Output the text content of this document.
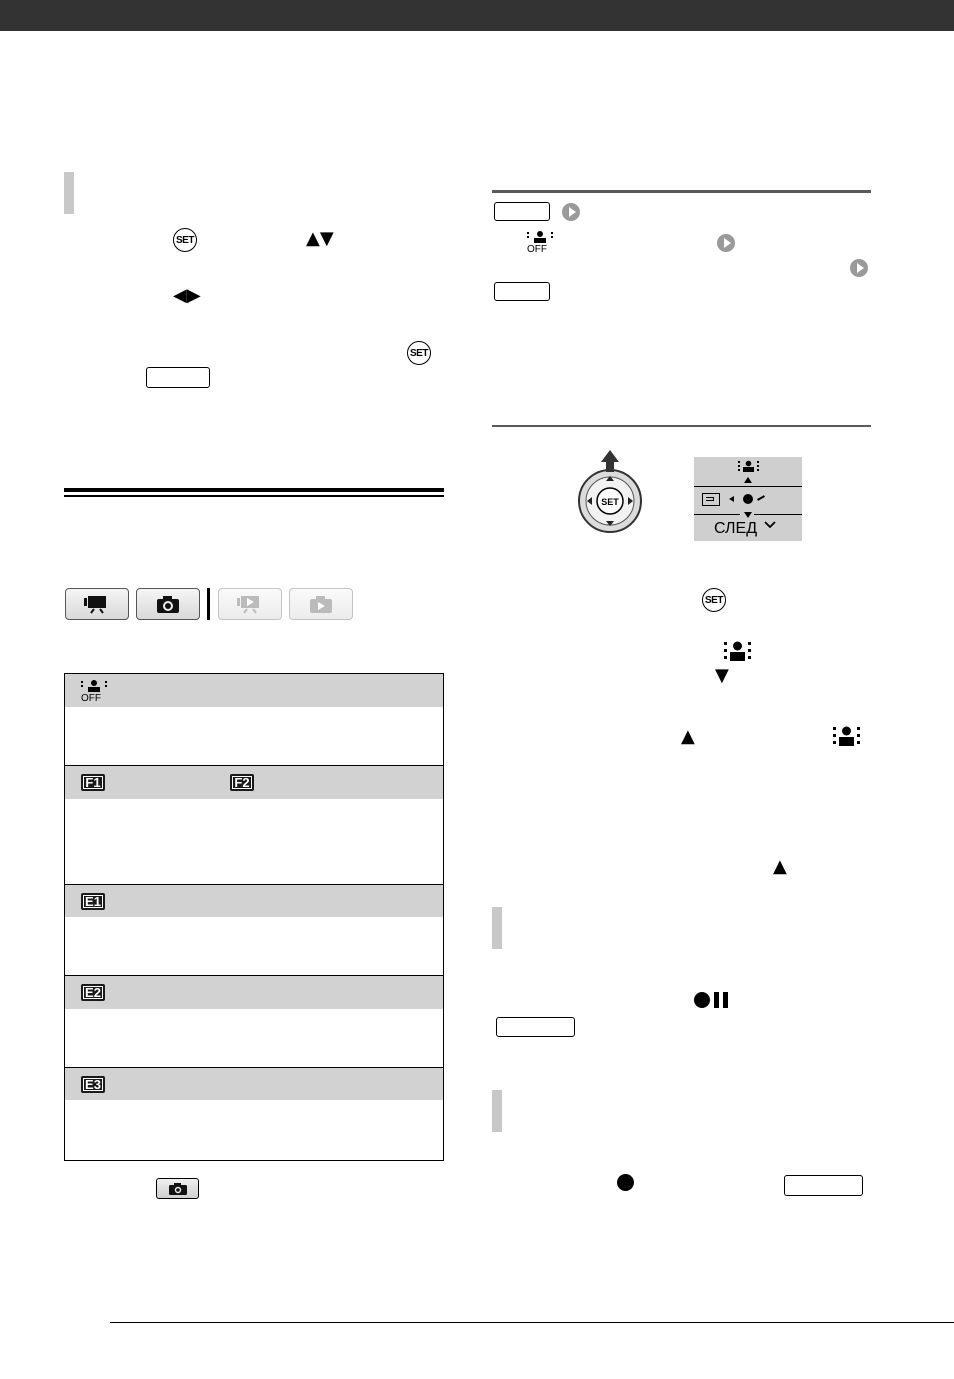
SET	▲▼
◀▶
SET
OFF
F1	F2
E1
E2
E3
OFF
SET
СЛЕД
SET
▼
▲
▲
